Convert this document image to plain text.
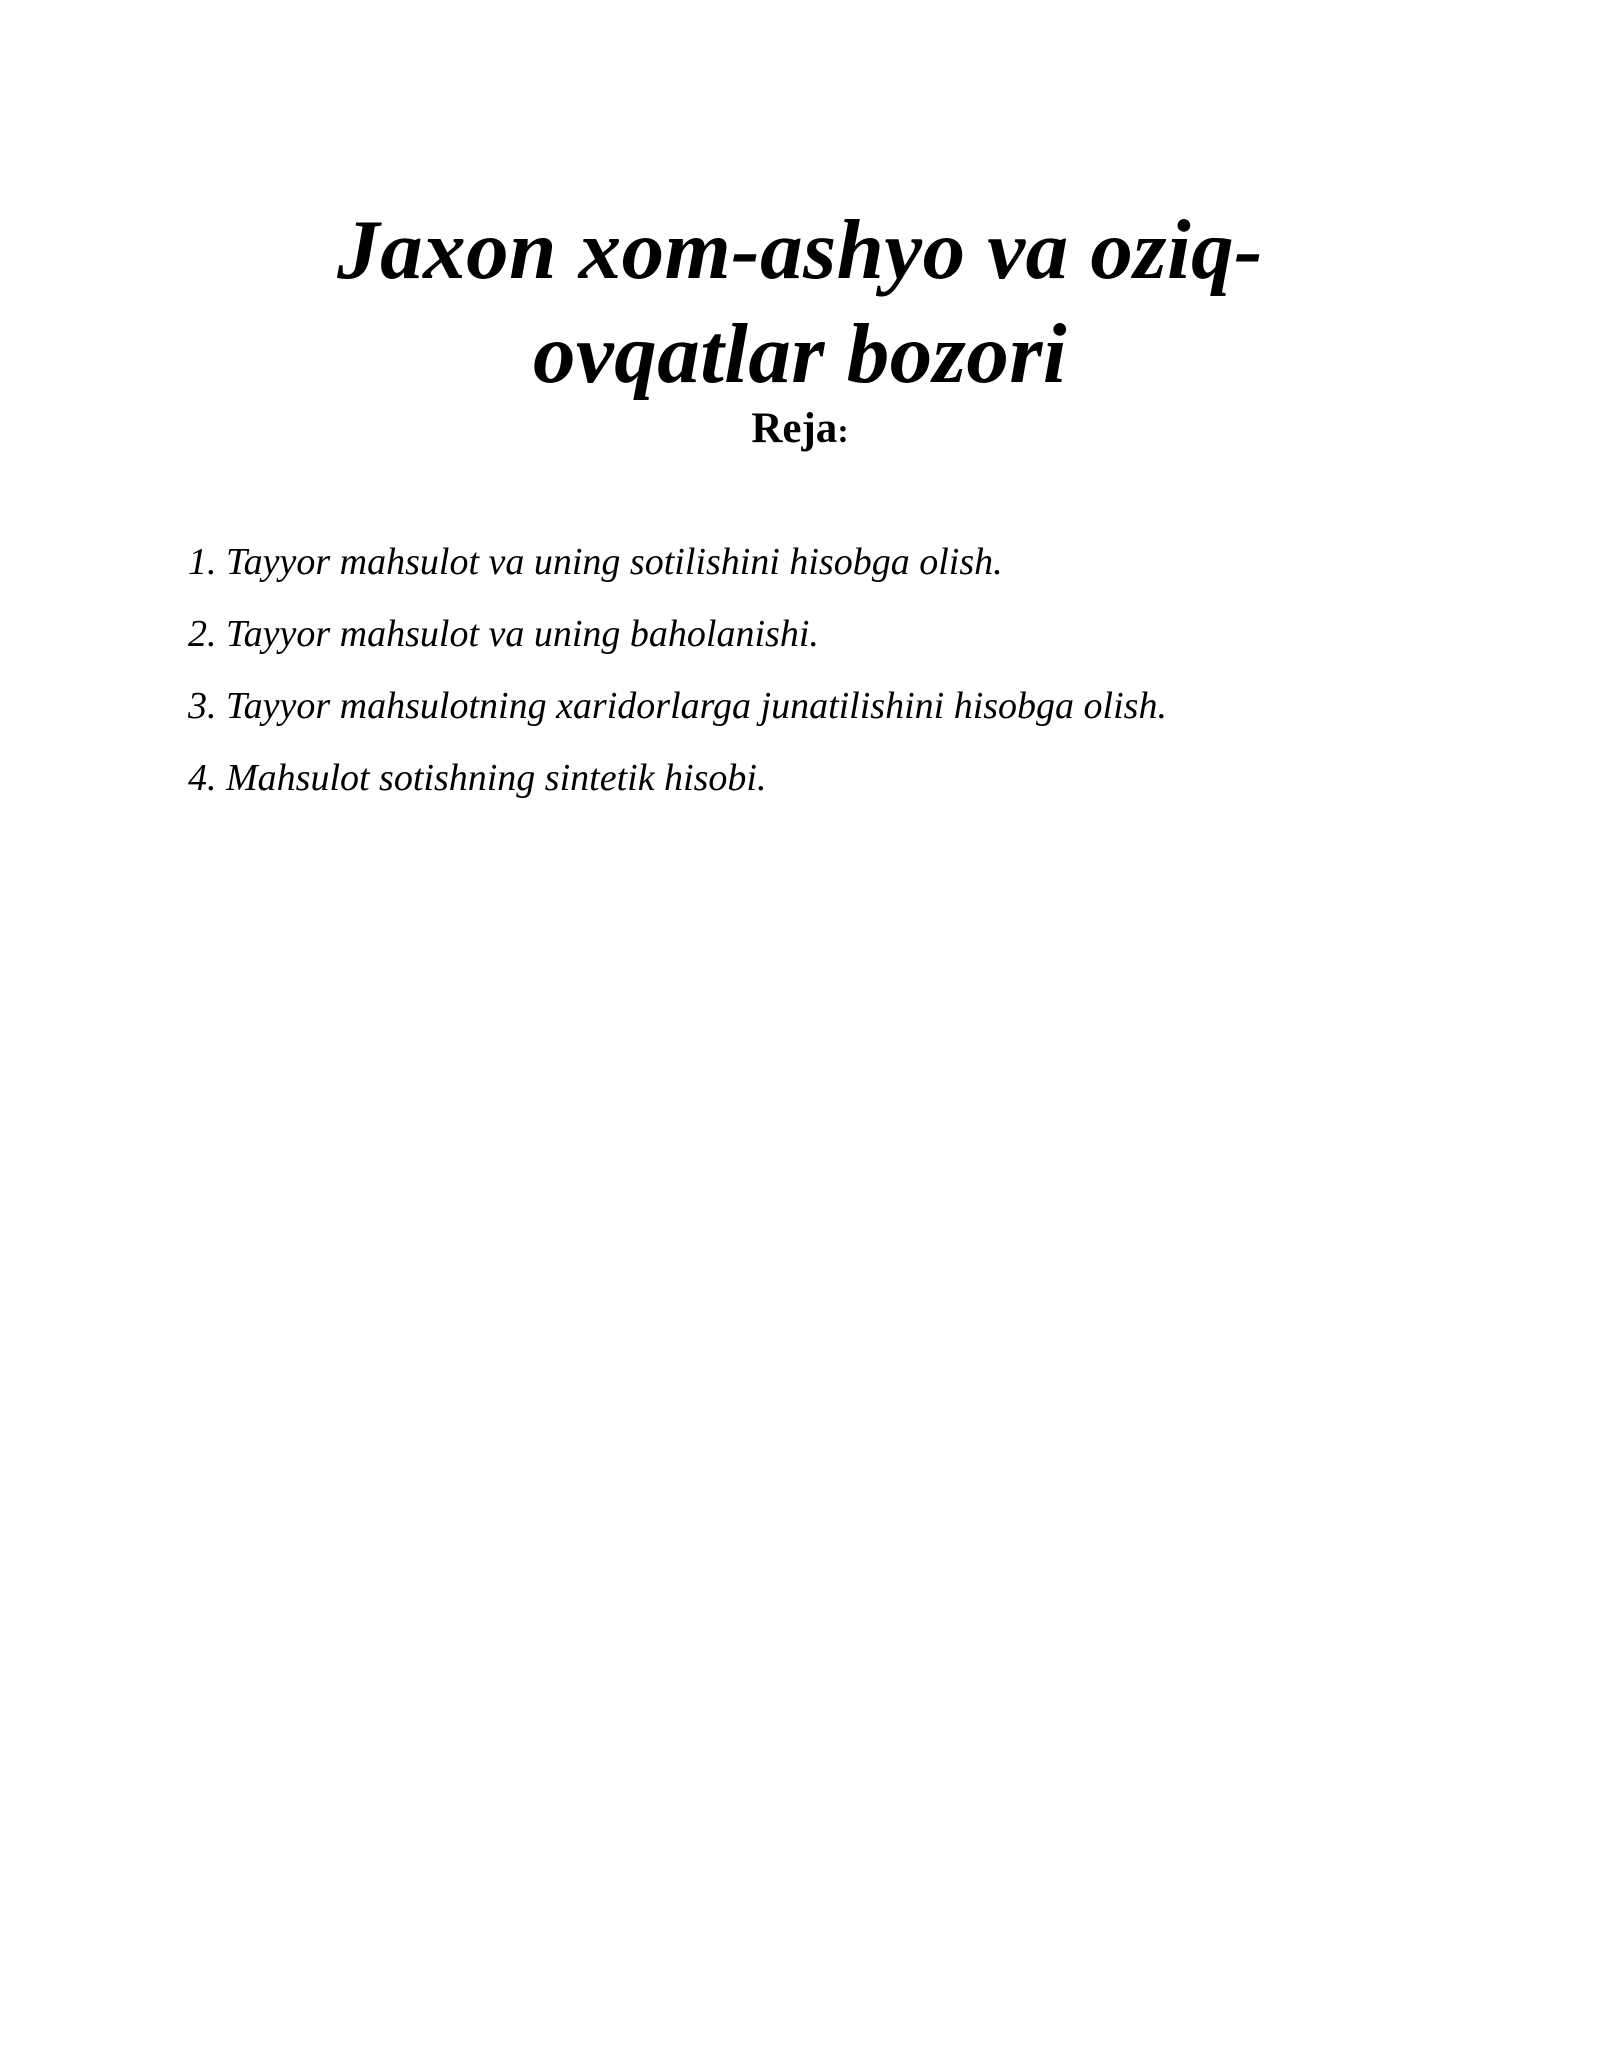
Jaxon xom-ashyo va oziq-
ovqatlar bozori
Reja:
1. Tayyor mahsulot va uning sotilishini hisobga olish.
2. Tayyor mahsulot va uning baholanishi.
3. Tayyor mahsulotning xaridorlarga junatilishini hisobga olish.
4. Mahsulot sotishning sintetik hisobi.
